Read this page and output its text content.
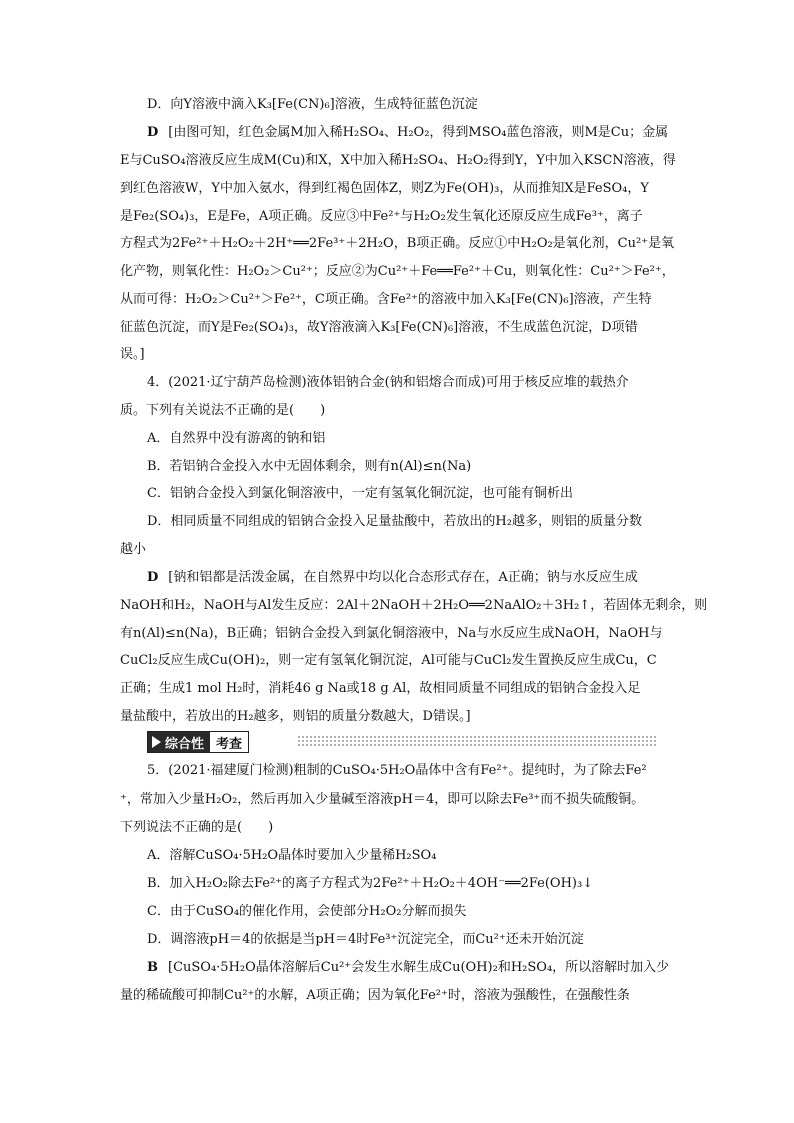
D．向Y溶液中滴入K₃[Fe(CN)₆]溶液，生成特征蓝色沉淀
D [由图可知，红色金属M加入稀H₂SO₄、H₂O₂，得到MSO₄蓝色溶液，则M是Cu；金属
E与CuSO₄溶液反应生成M(Cu)和X，X中加入稀H₂SO₄、H₂O₂得到Y，Y中加入KSCN溶液，得
到红色溶液W，Y中加入氨水，得到红褐色固体Z，则Z为Fe(OH)₃，从而推知X是FeSO₄，Y
是Fe₂(SO₄)₃，E是Fe，A项正确。反应③中Fe²⁺与H₂O₂发生氧化还原反应生成Fe³⁺，离子
方程式为2Fe²⁺＋H₂O₂＋2H⁺══2Fe³⁺＋2H₂O，B项正确。反应①中H₂O₂是氧化剂，Cu²⁺是氧
化产物，则氧化性：H₂O₂＞Cu²⁺；反应②为Cu²⁺＋Fe══Fe²⁺＋Cu，则氧化性：Cu²⁺＞Fe²⁺，
从而可得：H₂O₂＞Cu²⁺＞Fe²⁺，C项正确。含Fe²⁺的溶液中加入K₃[Fe(CN)₆]溶液，产生特
征蓝色沉淀，而Y是Fe₂(SO₄)₃，故Y溶液滴入K₃[Fe(CN)₆]溶液，不生成蓝色沉淀，D项错
误。]
4．(2021·辽宁葫芦岛检测)液体铝钠合金(钠和铝熔合而成)可用于核反应堆的载热介
质。下列有关说法不正确的是(　　)
A．自然界中没有游离的钠和铝
B．若铝钠合金投入水中无固体剩余，则有n(Al)≤n(Na)
C．铝钠合金投入到氯化铜溶液中，一定有氢氧化铜沉淀，也可能有铜析出
D．相同质量不同组成的铝钠合金投入足量盐酸中，若放出的H₂越多，则铝的质量分数
越小
D [钠和铝都是活泼金属，在自然界中均以化合态形式存在，A正确；钠与水反应生成
NaOH和H₂，NaOH与Al发生反应：2Al＋2NaOH＋2H₂O══2NaAlO₂＋3H₂↑，若固体无剩余，则
有n(Al)≤n(Na)，B正确；铝钠合金投入到氯化铜溶液中，Na与水反应生成NaOH，NaOH与
CuCl₂反应生成Cu(OH)₂，则一定有氢氧化铜沉淀，Al可能与CuCl₂发生置换反应生成Cu，C
正确；生成1 mol H₂时，消耗46 g Na或18 g Al，故相同质量不同组成的铝钠合金投入足
量盐酸中，若放出的H₂越多，则铝的质量分数越大，D错误。]
综合性 考查
5．(2021·福建厦门检测)粗制的CuSO₄·5H₂O晶体中含有Fe²⁺。提纯时，为了除去Fe²
⁺，常加入少量H₂O₂，然后再加入少量碱至溶液pH＝4，即可以除去Fe³⁺而不损失硫酸铜。
下列说法不正确的是(　　)
A．溶解CuSO₄·5H₂O晶体时要加入少量稀H₂SO₄
B．加入H₂O₂除去Fe²⁺的离子方程式为2Fe²⁺＋H₂O₂＋4OH⁻══2Fe(OH)₃↓
C．由于CuSO₄的催化作用，会使部分H₂O₂分解而损失
D．调溶液pH＝4的依据是当pH＝4时Fe³⁺沉淀完全，而Cu²⁺还未开始沉淀
B [CuSO₄·5H₂O晶体溶解后Cu²⁺会发生水解生成Cu(OH)₂和H₂SO₄，所以溶解时加入少
量的稀硫酸可抑制Cu²⁺的水解，A项正确；因为氧化Fe²⁺时，溶液为强酸性，在强酸性条
